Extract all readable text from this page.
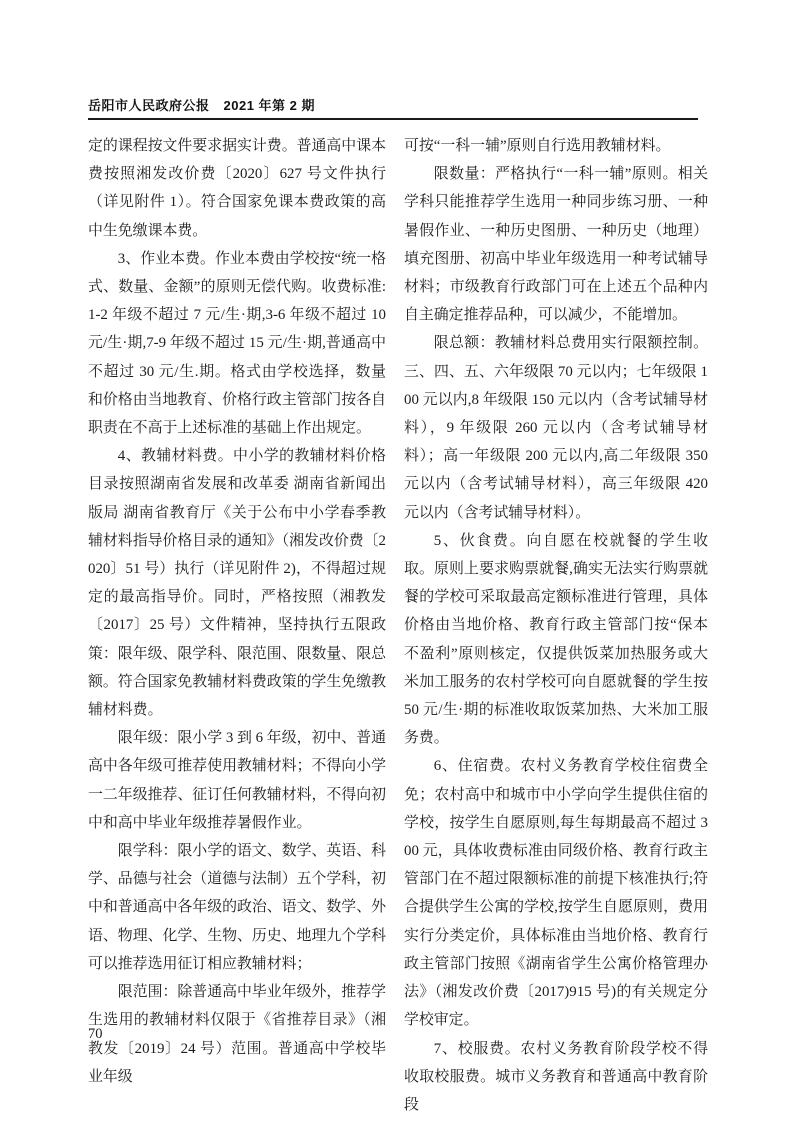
岳阳市人民政府公报 2021 年第 2 期

定的课程按文件要求据实计费。普通高中课本费按照湘发改价费〔2020〕627 号文件执行（详见附件 1）。符合国家免课本费政策的高中生免缴课本费。

3、作业本费。作业本费由学校按“统一格式、数量、金额”的原则无偿代购。收费标准:1-2 年级不超过 7 元/生·期,3-6 年级不超过 10 元/生·期,7-9 年级不超过 15 元/生·期,普通高中不超过 30 元/生.期。格式由学校选择，数量和价格由当地教育、价格行政主管部门按各自职责在不高于上述标准的基础上作出规定。

4、教辅材料费。中小学的教辅材料价格目录按照湖南省发展和改革委 湖南省新闻出版局 湖南省教育厅《关于公布中小学春季教辅材料指导价格目录的通知》（湘发改价费〔2020〕51 号）执行（详见附件 2)，不得超过规定的最高指导价。同时，严格按照（湘教发〔2017〕25 号）文件精神，坚持执行五限政策：限年级、限学科、限范围、限数量、限总额。符合国家免教辅材料费政策的学生免缴教辅材料费。

限年级：限小学 3 到 6 年级，初中、普通高中各年级可推荐使用教辅材料；不得向小学一二年级推荐、征订任何教辅材料，不得向初中和高中毕业年级推荐暑假作业。

限学科：限小学的语文、数学、英语、科学、品德与社会（道德与法制）五个学科，初中和普通高中各年级的政治、语文、数学、外语、物理、化学、生物、历史、地理九个学科可以推荐选用征订相应教辅材料；

限范围：除普通高中毕业年级外，推荐学生选用的教辅材料仅限于《省推荐目录》（湘教发〔2019〕24 号）范围。普通高中学校毕业年级

可按“一科一辅”原则自行选用教辅材料。

限数量：严格执行“一科一辅”原则。相关学科只能推荐学生选用一种同步练习册、一种暑假作业、一种历史图册、一种历史（地理）填充图册、初高中毕业年级选用一种考试辅导材料；市级教育行政部门可在上述五个品种内自主确定推荐品种，可以减少，不能增加。

限总额：教辅材料总费用实行限额控制。三、四、五、六年级限 70 元以内；七年级限 100 元以内,8 年级限 150 元以内（含考试辅导材料），9 年级限 260 元以内（含考试辅导材料）；高一年级限 200 元以内,高二年级限 350 元以内（含考试辅导材料），高三年级限 420 元以内（含考试辅导材料）。

5、伙食费。向自愿在校就餐的学生收取。原则上要求购票就餐,确实无法实行购票就餐的学校可采取最高定额标准进行管理，具体价格由当地价格、教育行政主管部门按“保本不盈利”原则核定，仅提供饭菜加热服务或大米加工服务的农村学校可向自愿就餐的学生按 50 元/生·期的标准收取饭菜加热、大米加工服务费。

6、住宿费。农村义务教育学校住宿费全免；农村高中和城市中小学向学生提供住宿的学校，按学生自愿原则,每生每期最高不超过 300 元，具体收费标准由同级价格、教育行政主管部门在不超过限额标准的前提下核准执行;符合提供学生公寓的学校,按学生自愿原则，费用实行分类定价，具体标准由当地价格、教育行政主管部门按照《湖南省学生公寓价格管理办法》（湘发改价费〔2017)915 号)的有关规定分学校审定。

7、校服费。农村义务教育阶段学校不得收取校服费。城市义务教育和普通高中教育阶段

70
